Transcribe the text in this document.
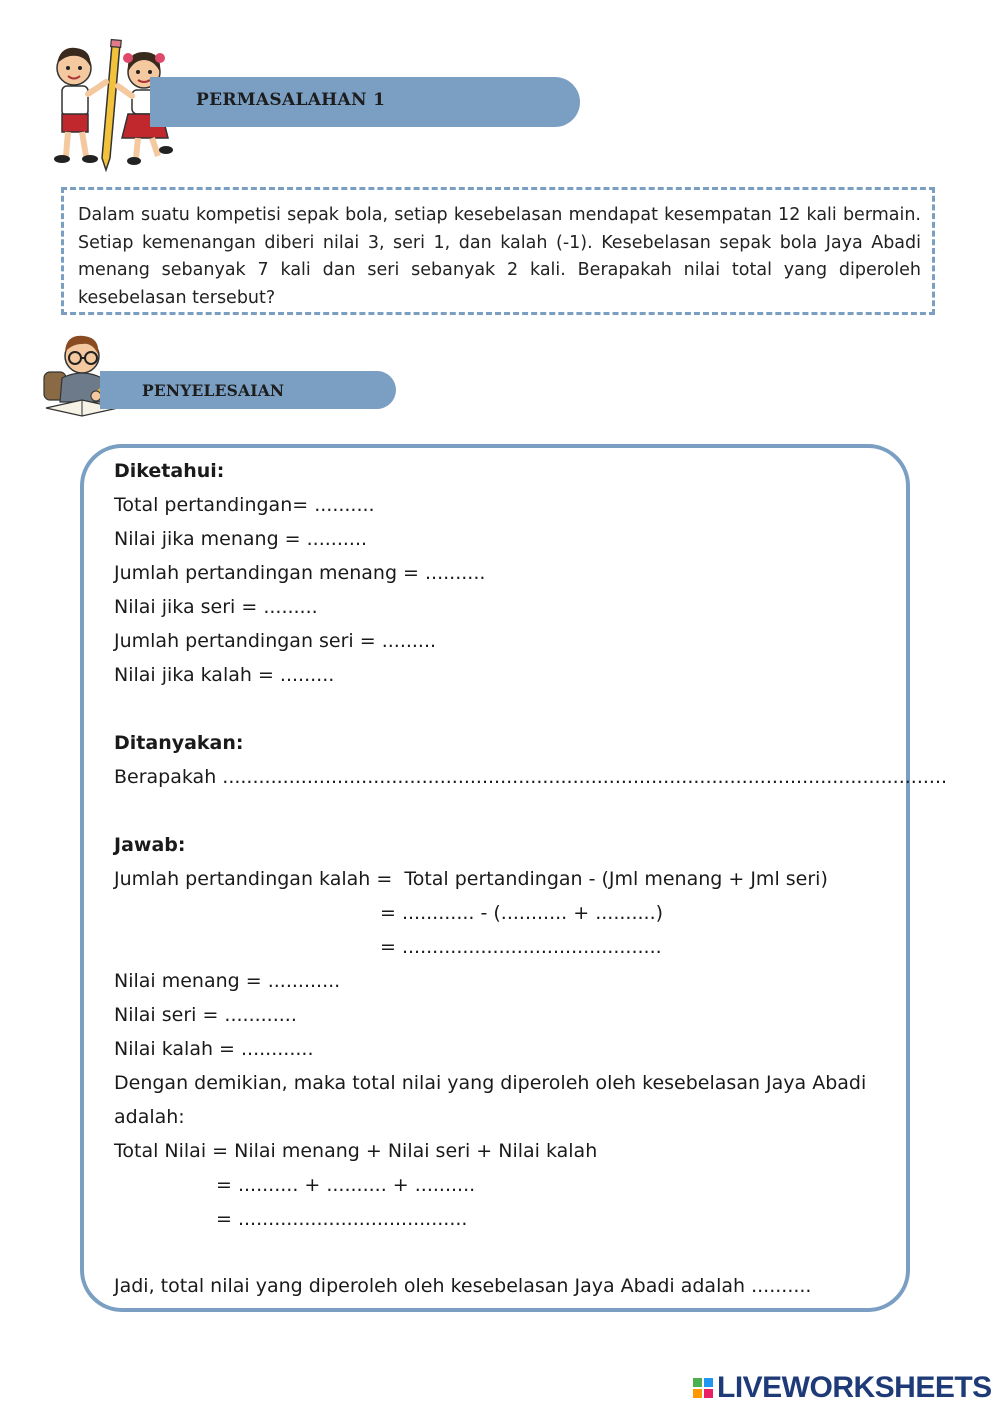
PERMASALAHAN 1

Dalam suatu kompetisi sepak bola, setiap kesebelasan mendapat kesempatan 12 kali bermain. Setiap kemenangan diberi nilai 3, seri 1, dan kalah (-1). Kesebelasan sepak bola Jaya Abadi menang sebanyak 7 kali dan seri sebanyak 2 kali. Berapakah nilai total yang diperoleh kesebelasan tersebut?

PENYELESAIAN
Diketahui:
Total pertandingan= ..........
Nilai jika menang = ..........
Jumlah pertandingan menang = ..........
Nilai jika seri = .........
Jumlah pertandingan seri = .........
Nilai jika kalah = .........
Ditanyakan:
Berapakah ........................................................................................................................
Jawab:
Jumlah pertandingan kalah =  Total pertandingan - (Jml menang + Jml seri)
= ............ - (........... + ..........)
= ...........................................
Nilai menang = ............
Nilai seri = ............
Nilai kalah = ............
Dengan demikian, maka total nilai yang diperoleh oleh kesebelasan Jaya Abadi
adalah:
Total Nilai = Nilai menang + Nilai seri + Nilai kalah
= .......... + .......... + ..........
= ......................................
Jadi, total nilai yang diperoleh oleh kesebelasan Jaya Abadi adalah ..........
LIVEWORKSHEETS
